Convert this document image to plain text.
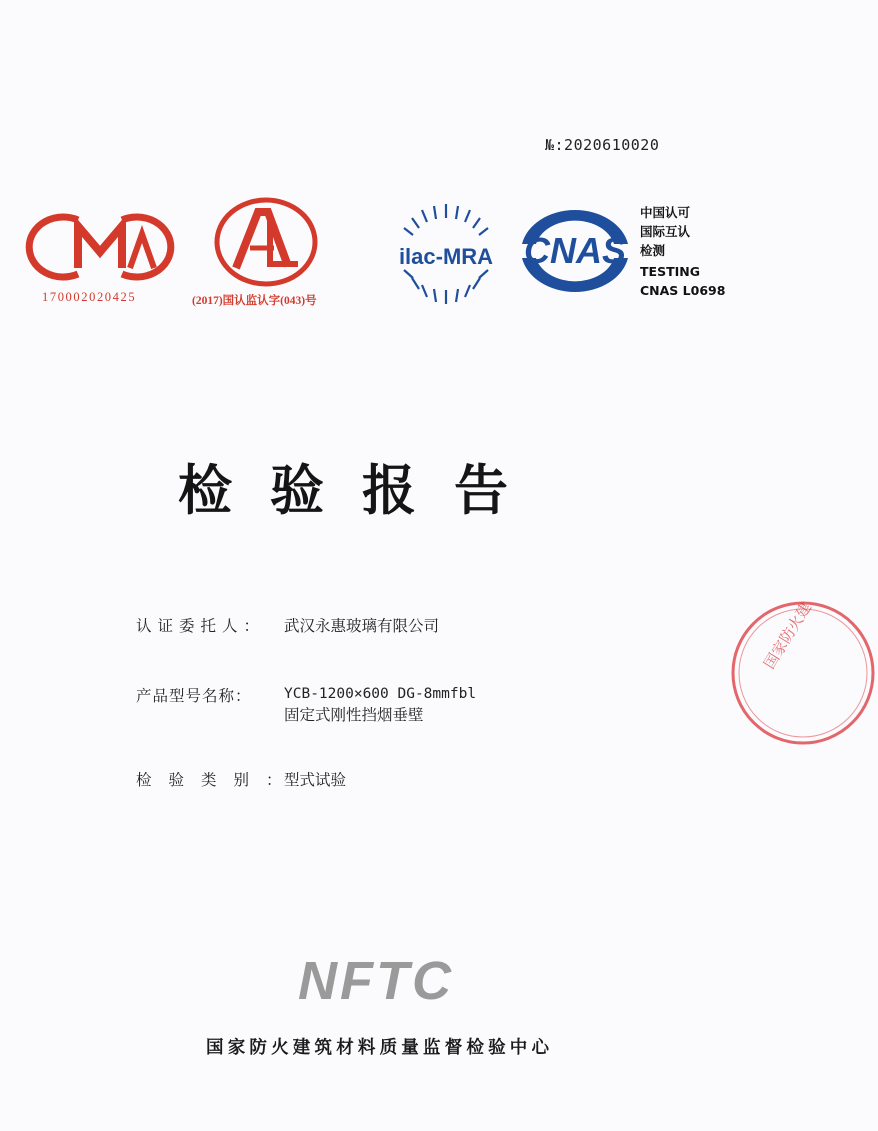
№:2020610020
170002020425	(2017)国认监认字(043)号
ilac-MRA CNAS
中国认可
国际互认
检测
TESTING
CNAS L0698
检验报告
认证委托人： 武汉永惠玻璃有限公司
产品型号名称： YCB-1200×600 DG-8mmfbl
固定式刚性挡烟垂壁
检验类别：型式试验
国家防火建
NFTC
国家防火建筑材料质量监督检验中心
